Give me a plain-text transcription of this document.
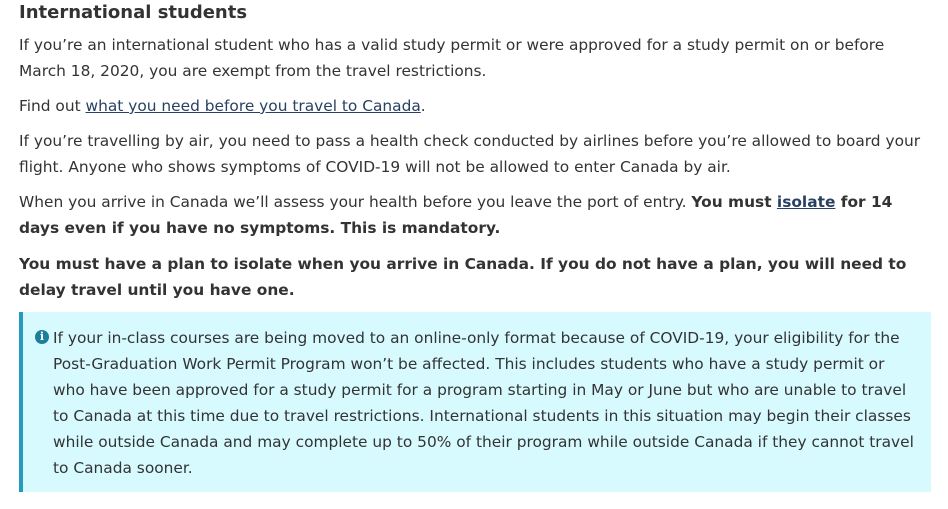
International students

If you’re an international student who has a valid study permit or were approved for a study permit on or before March 18, 2020, you are exempt from the travel restrictions.

Find out what you need before you travel to Canada.

If you’re travelling by air, you need to pass a health check conducted by airlines before you’re allowed to board your flight. Anyone who shows symptoms of COVID-19 will not be allowed to enter Canada by air.

When you arrive in Canada we’ll assess your health before you leave the port of entry. You must isolate for 14 days even if you have no symptoms. This is mandatory.

You must have a plan to isolate when you arrive in Canada. If you do not have a plan, you will need to delay travel until you have one.

i If your in-class courses are being moved to an online-only format because of COVID-19, your eligibility for the Post-Graduation Work Permit Program won’t be affected. This includes students who have a study permit or who have been approved for a study permit for a program starting in May or June but who are unable to travel to Canada at this time due to travel restrictions. International students in this situation may begin their classes while outside Canada and may complete up to 50% of their program while outside Canada if they cannot travel to Canada sooner.
